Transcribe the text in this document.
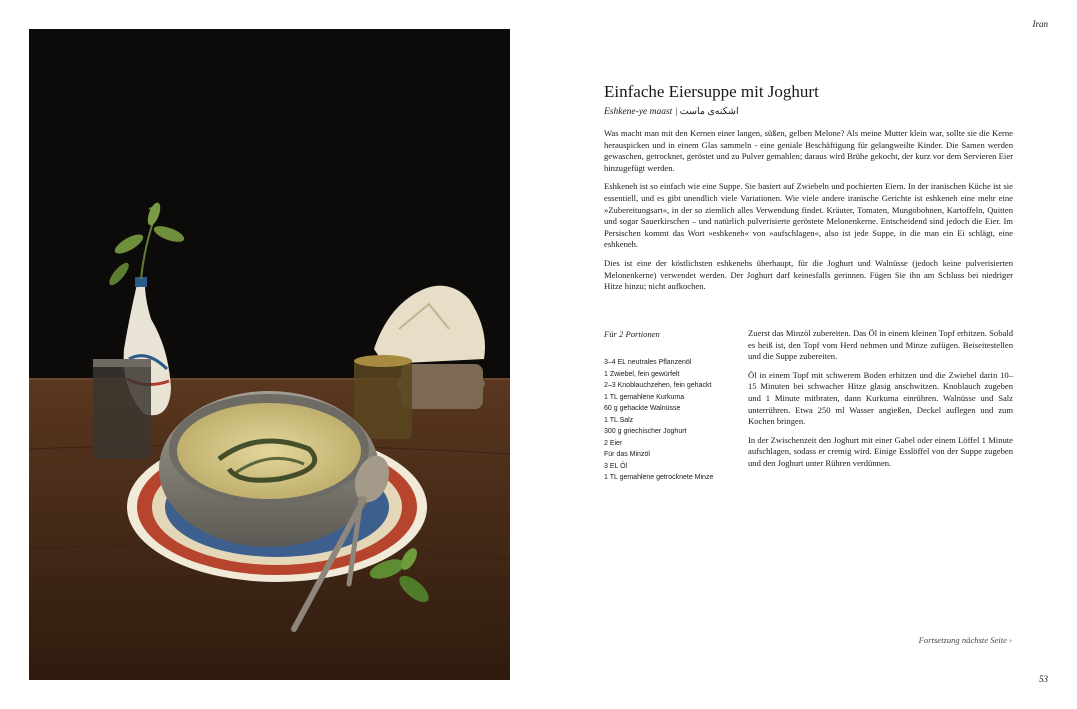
Iran
Einfache Eiersuppe mit Joghurt
Eshkene-ye maast | اشکنه‌ی ماست

Was macht man mit den Kernen einer langen, süßen, gelben Melone? Als meine Mutter klein war, sollte sie die Kerne herauspicken und in einem Glas sammeln - eine geniale Beschäftigung für gelangweilte Kinder. Die Samen werden gewaschen, getrocknet, geröstet und zu Pulver gemahlen; daraus wird Brühe gekocht, der kurz vor dem Servieren Eier hinzugefügt werden.

Eshkeneh ist so einfach wie eine Suppe. Sie basiert auf Zwiebeln und pochierten Eiern. In der iranischen Küche ist sie essentiell, und es gibt unendlich viele Variationen. Wie viele andere iranische Gerichte ist eshkeneh eine mehr eine »Zubereitungsart«, in der so ziemlich alles Verwendung findet. Kräuter, Tomaten, Mungobohnen, Kartoffeln, Quitten und sogar Sauerkirschen – und natürlich pulverisierte geröstete Melonenkerne. Entscheidend sind jedoch die Eier. Im Persischen kommt das Wort »eshkeneh« von »aufschlagen«, also ist jede Suppe, in die man ein Ei schlägt, eine eshkeneh.

Dies ist eine der köstlichsten eshkenehs überhaupt, für die Joghurt und Walnüsse (jedoch keine pulverisierten Melonenkerne) verwendet werden. Der Joghurt darf keinesfalls gerinnen. Fügen Sie ihn am Schluss bei niedriger Hitze hinzu; nicht aufkochen.

Für 2 Portionen
3–4 EL neutrales Pflanzenöl
1 Zwiebel, fein gewürfelt
2–3 Knoblauchzehen, fein gehackt
1 TL gemahlene Kurkuma
60 g gehackte Walnüsse
1 TL Salz
300 g griechischer Joghurt
2 Eier
Für das Minzöl
3 EL Öl
1 TL gemahlene getrocknete Minze

Zuerst das Minzöl zubereiten. Das Öl in einem kleinen Topf erhitzen. Sobald es heiß ist, den Topf vom Herd nehmen und Minze zufügen. Beiseitestellen und die Suppe zubereiten.

Öl in einem Topf mit schwerem Boden erhitzen und die Zwiebel darin 10–15 Minuten bei schwacher Hitze glasig anschwitzen. Knoblauch zugeben und 1 Minute mitbraten, dann Kurkuma einrühren. Walnüsse und Salz unterrühren. Etwa 250 ml Wasser angießen, Deckel auflegen und zum Kochen bringen.

In der Zwischenzeit den Joghurt mit einer Gabel oder einem Löffel 1 Minute aufschlagen, sodass er cremig wird. Einige Esslöffel von der Suppe zugeben und den Joghurt unter Rühren verdünnen.

Fortsetzung nächste Seite ›
53
